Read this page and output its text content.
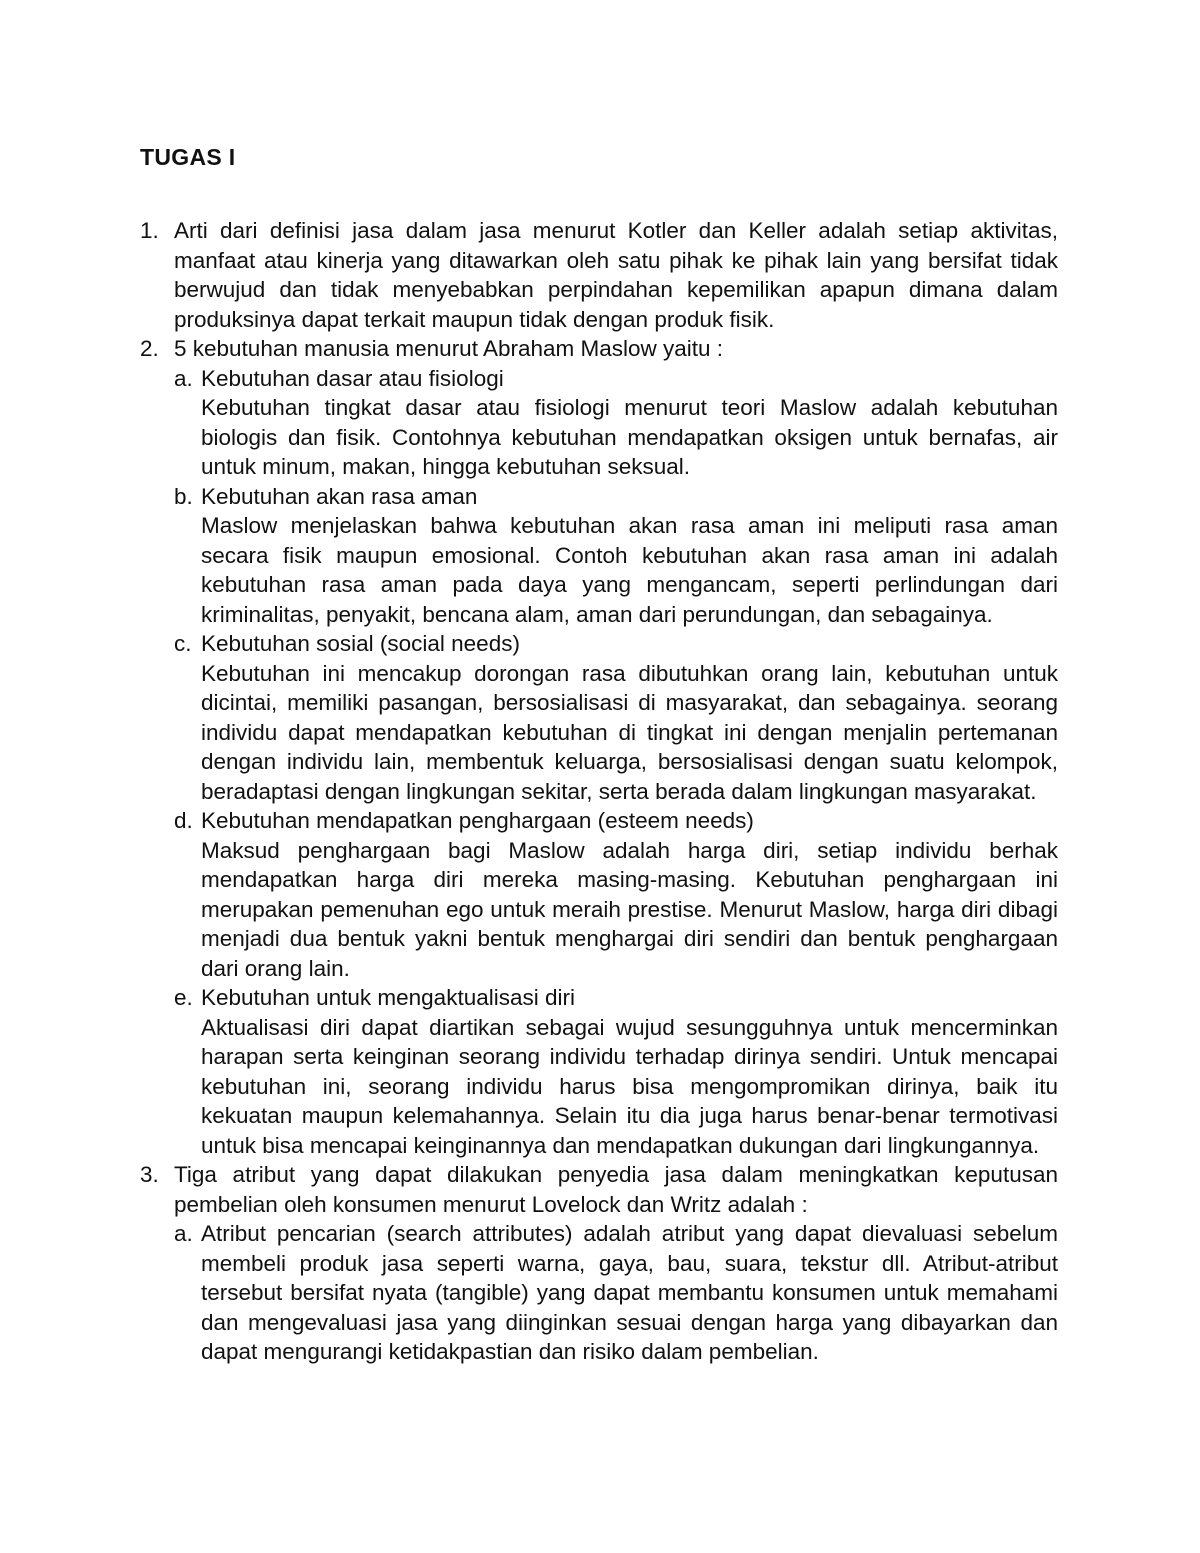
TUGAS I
1. Arti dari definisi jasa dalam jasa menurut Kotler dan Keller adalah setiap aktivitas, manfaat atau kinerja yang ditawarkan oleh satu pihak ke pihak lain yang bersifat tidak berwujud dan tidak menyebabkan perpindahan kepemilikan apapun dimana dalam produksinya dapat terkait maupun tidak dengan produk fisik.

2. 5 kebutuhan manusia menurut Abraham Maslow yaitu :

a. Kebutuhan dasar atau fisiologi

Kebutuhan tingkat dasar atau fisiologi menurut teori Maslow adalah kebutuhan biologis dan fisik. Contohnya kebutuhan mendapatkan oksigen untuk bernafas, air untuk minum, makan, hingga kebutuhan seksual.

b. Kebutuhan akan rasa aman

Maslow menjelaskan bahwa kebutuhan akan rasa aman ini meliputi rasa aman secara fisik maupun emosional. Contoh kebutuhan akan rasa aman ini adalah kebutuhan rasa aman pada daya yang mengancam, seperti perlindungan dari kriminalitas, penyakit, bencana alam, aman dari perundungan, dan sebagainya.

c. Kebutuhan sosial (social needs)

Kebutuhan ini mencakup dorongan rasa dibutuhkan orang lain, kebutuhan untuk dicintai, memiliki pasangan, bersosialisasi di masyarakat, dan sebagainya. seorang individu dapat mendapatkan kebutuhan di tingkat ini dengan menjalin pertemanan dengan individu lain, membentuk keluarga, bersosialisasi dengan suatu kelompok, beradaptasi dengan lingkungan sekitar, serta berada dalam lingkungan masyarakat.

d. Kebutuhan mendapatkan penghargaan (esteem needs)

Maksud penghargaan bagi Maslow adalah harga diri, setiap individu berhak mendapatkan harga diri mereka masing-masing. Kebutuhan penghargaan ini merupakan pemenuhan ego untuk meraih prestise. Menurut Maslow, harga diri dibagi menjadi dua bentuk yakni bentuk menghargai diri sendiri dan bentuk penghargaan dari orang lain.

e. Kebutuhan untuk mengaktualisasi diri

Aktualisasi diri dapat diartikan sebagai wujud sesungguhnya untuk mencerminkan harapan serta keinginan seorang individu terhadap dirinya sendiri. Untuk mencapai kebutuhan ini, seorang individu harus bisa mengompromikan dirinya, baik itu kekuatan maupun kelemahannya. Selain itu dia juga harus benar-benar termotivasi untuk bisa mencapai keinginannya dan mendapatkan dukungan dari lingkungannya.

3. Tiga atribut yang dapat dilakukan penyedia jasa dalam meningkatkan keputusan pembelian oleh konsumen menurut Lovelock dan Writz adalah :

a. Atribut pencarian (search attributes) adalah atribut yang dapat dievaluasi sebelum membeli produk jasa seperti warna, gaya, bau, suara, tekstur dll. Atribut-atribut tersebut bersifat nyata (tangible) yang dapat membantu konsumen untuk memahami dan mengevaluasi jasa yang diinginkan sesuai dengan harga yang dibayarkan dan dapat mengurangi ketidakpastian dan risiko dalam pembelian.
